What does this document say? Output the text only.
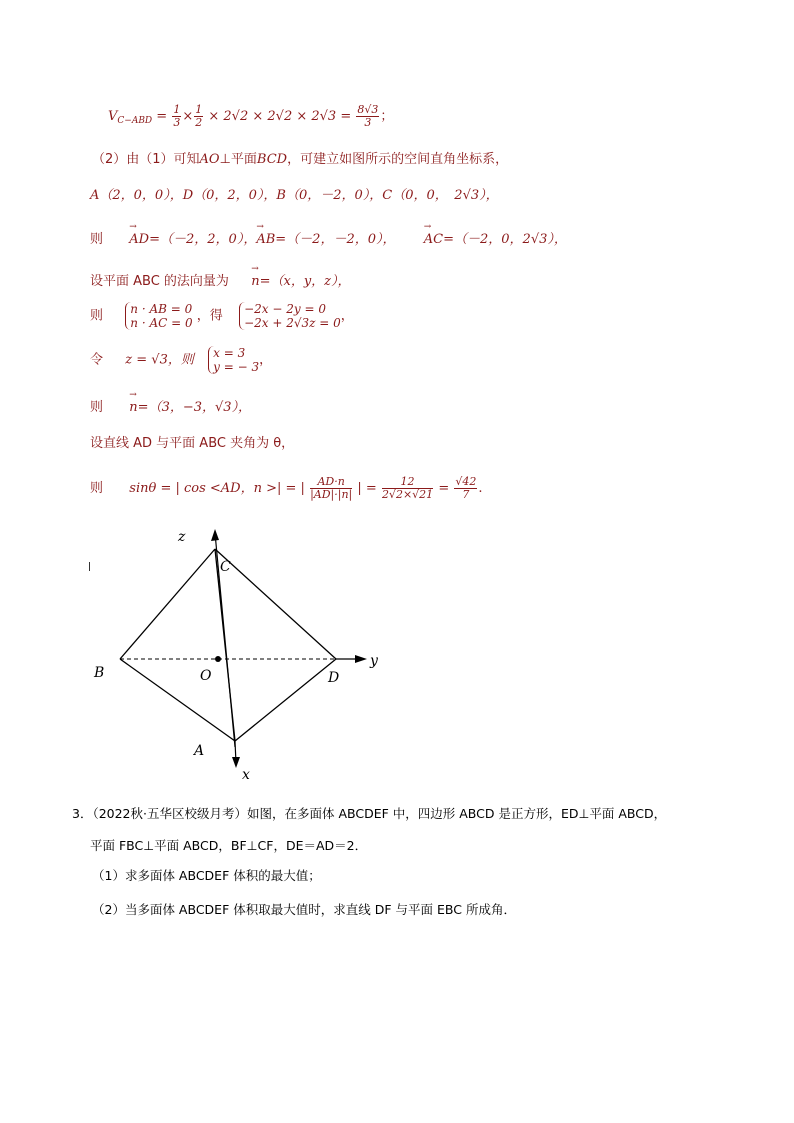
$V_{C-ABD} = \frac{1}{3} \times \frac{1}{2} \times 2√2 \times 2√2 \times 2√3 = \frac{8√3}{3}$ ；
（2）由（1）可知AO⊥平面BCD，可建立如图所示的空间直角坐标系，
A（2，0，0），D（0，2，0），B（0，－2，0），C（0，0，　2√3），
则 → AD=（－2，2，0），→ AB=（－2，－2，0）， → AC=（－2，0，2√3），
设平面 ABC 的法向量为 → n=（x，y，z），
则 n · AB = 0
n · AC = 0 ，得 −2x − 2y = 0
−2x + 2√3z = 0，
令 z = √3，则 x = 3
y = − 3，
则 → n=（3，−3，√3），
设直线 AD 与平面 ABC 夹角为 θ，
则 sinθ = | cos <AD，n >| = | $\frac{AD\cdot n}{|AD|\cdot|n|}$ | = $\frac{12}{2√2\times√21} = \frac{√42}{7}$ .
z
C
B	O	D
y
A
x
3．（2022秋·五华区校级月考）如图，在多面体 ABCDEF 中，四边形 ABCD 是正方形，ED⊥平面 ABCD，
平面 FBC⊥平面 ABCD，BF⊥CF，DE＝AD＝2．
（1）求多面体 ABCDEF 体积的最大值；
（2）当多面体 ABCDEF 体积取最大值时，求直线 DF 与平面 EBC 所成角．
